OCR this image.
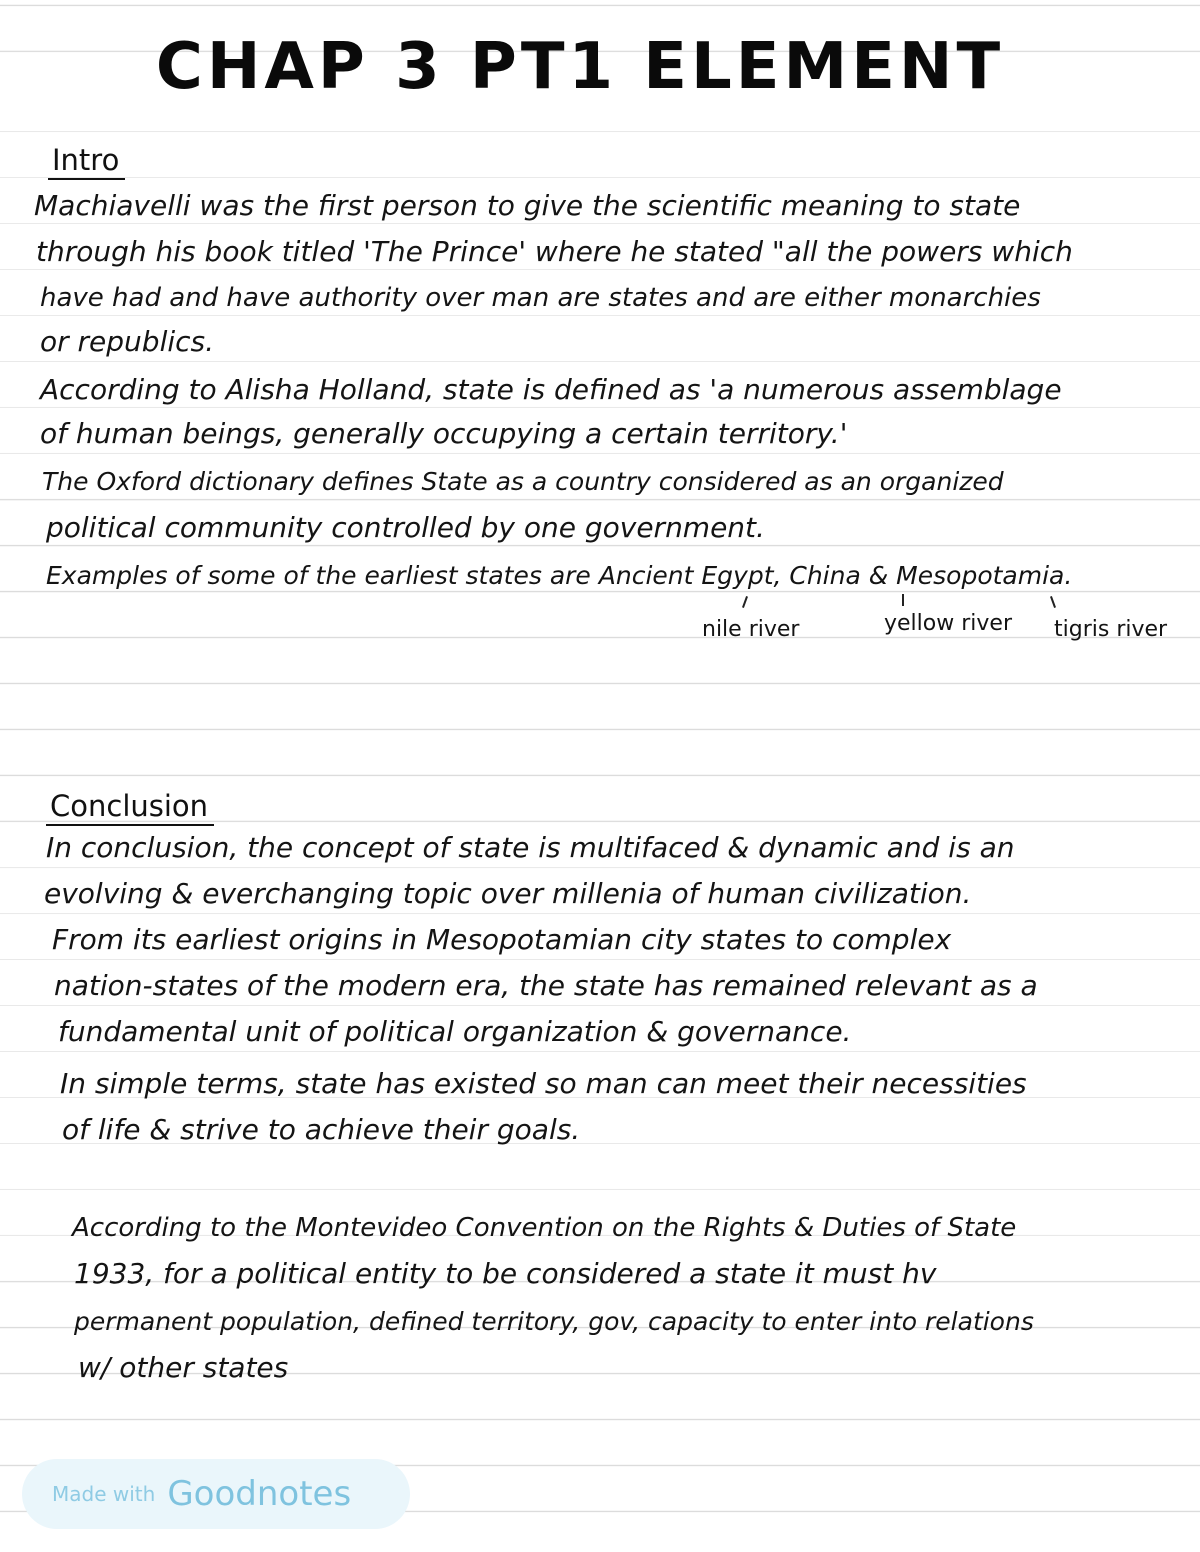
CHAP 3 PT1 ELEMENT
Intro
Machiavelli was the first person to give the scientific meaning to state
through his book titled 'The Prince' where he stated "all the powers which
have had and have authority over man are states and are either monarchies
or republics.
According to Alisha Holland, state is defined as 'a numerous assemblage
of human beings, generally occupying a certain territory.'
The Oxford dictionary defines State as a country considered as an organized
political community controlled by one government.
Examples of some of the earliest states are Ancient Egypt, China & Mesopotamia.
nile river	yellow river tigris river
Conclusion
In conclusion, the concept of state is multifaced & dynamic and is an
evolving & everchanging topic over millenia of human civilization.
From its earliest origins in Mesopotamian city states to complex
nation-states of the modern era, the state has remained relevant as a
fundamental unit of political organization & governance.
In simple terms, state has existed so man can meet their necessities
of life & strive to achieve their goals.
According to the Montevideo Convention on the Rights & Duties of State
1933, for a political entity to be considered a state it must hv
permanent population, defined territory, gov, capacity to enter into relations
w/ other states
Made with Goodnotes
